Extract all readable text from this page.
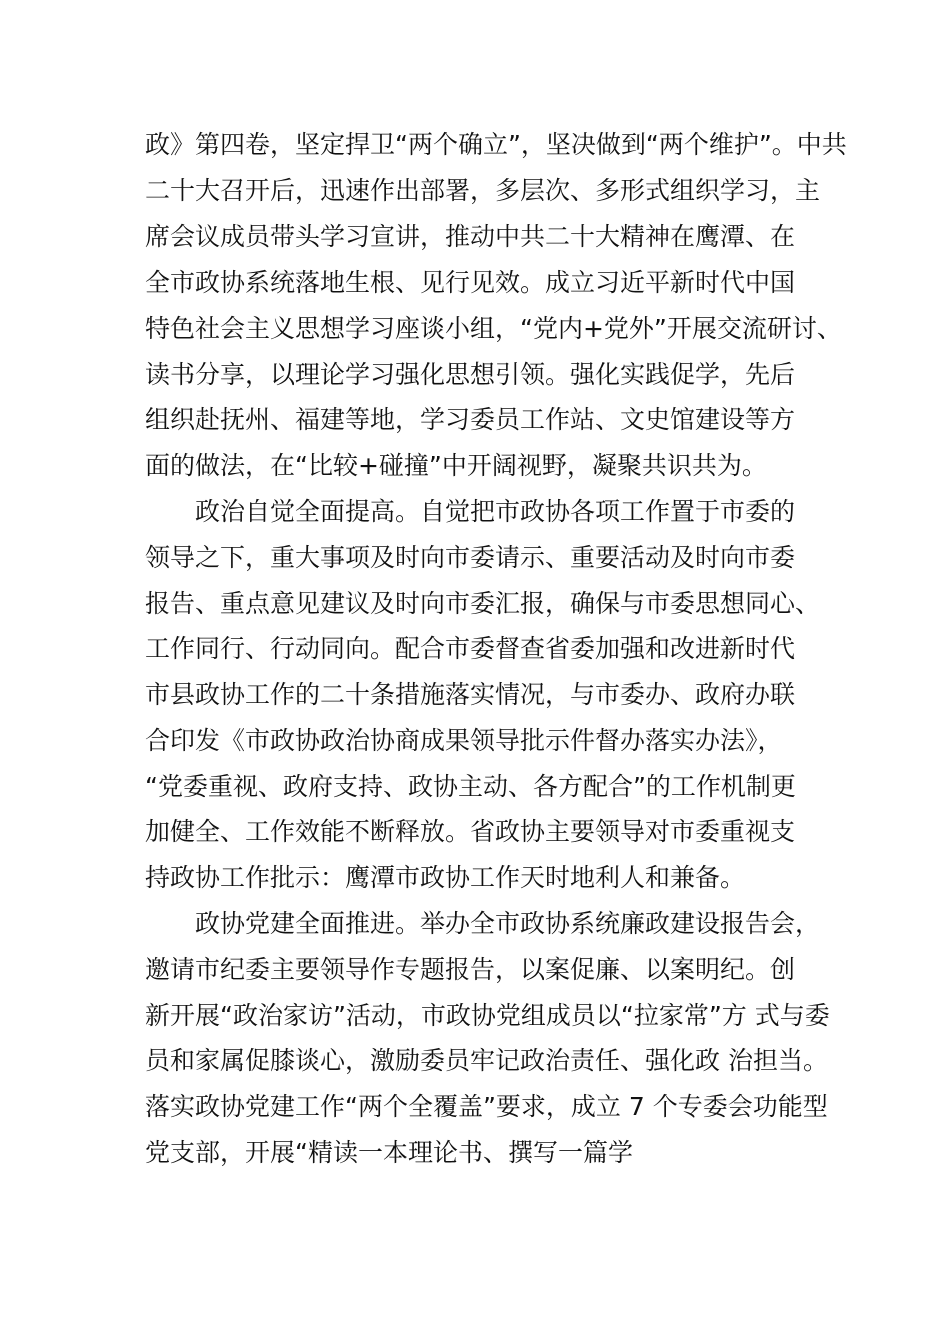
政》第四卷，坚定捍卫“两个确立”，坚决做到“两个维护”。中共
二十大召开后，迅速作出部署，多层次、多形式组织学习，主
席会议成员带头学习宣讲，推动中共二十大精神在鹰潭、在
全市政协系统落地生根、见行见效。成立习近平新时代中国
特色社会主义思想学习座谈小组，“党内+党外”开展交流研讨、
读书分享，以理论学习强化思想引领。强化实践促学，先后
组织赴抚州、福建等地，学习委员工作站、文史馆建设等方
面的做法，在“比较+碰撞”中开阔视野，凝聚共识共为。
政治自觉全面提高。自觉把市政协各项工作置于市委的
领导之下，重大事项及时向市委请示、重要活动及时向市委
报告、重点意见建议及时向市委汇报，确保与市委思想同心、
工作同行、行动同向。配合市委督查省委加强和改进新时代
市县政协工作的二十条措施落实情况，与市委办、政府办联
合印发《市政协政治协商成果领导批示件督办落实办法》，
“党委重视、政府支持、政协主动、各方配合”的工作机制更
加健全、工作效能不断释放。省政协主要领导对市委重视支
持政协工作批示：鹰潭市政协工作天时地利人和兼备。
政协党建全面推进。举办全市政协系统廉政建设报告会，
邀请市纪委主要领导作专题报告，以案促廉、以案明纪。创
新开展“政治家访”活动，市政协党组成员以“拉家常”方 式与委
员和家属促膝谈心，激励委员牢记政治责任、强化政 治担当。
落实政协党建工作“两个全覆盖”要求，成立 7 个专委会功能型
党支部，开展“精读一本理论书、撰写一篇学
